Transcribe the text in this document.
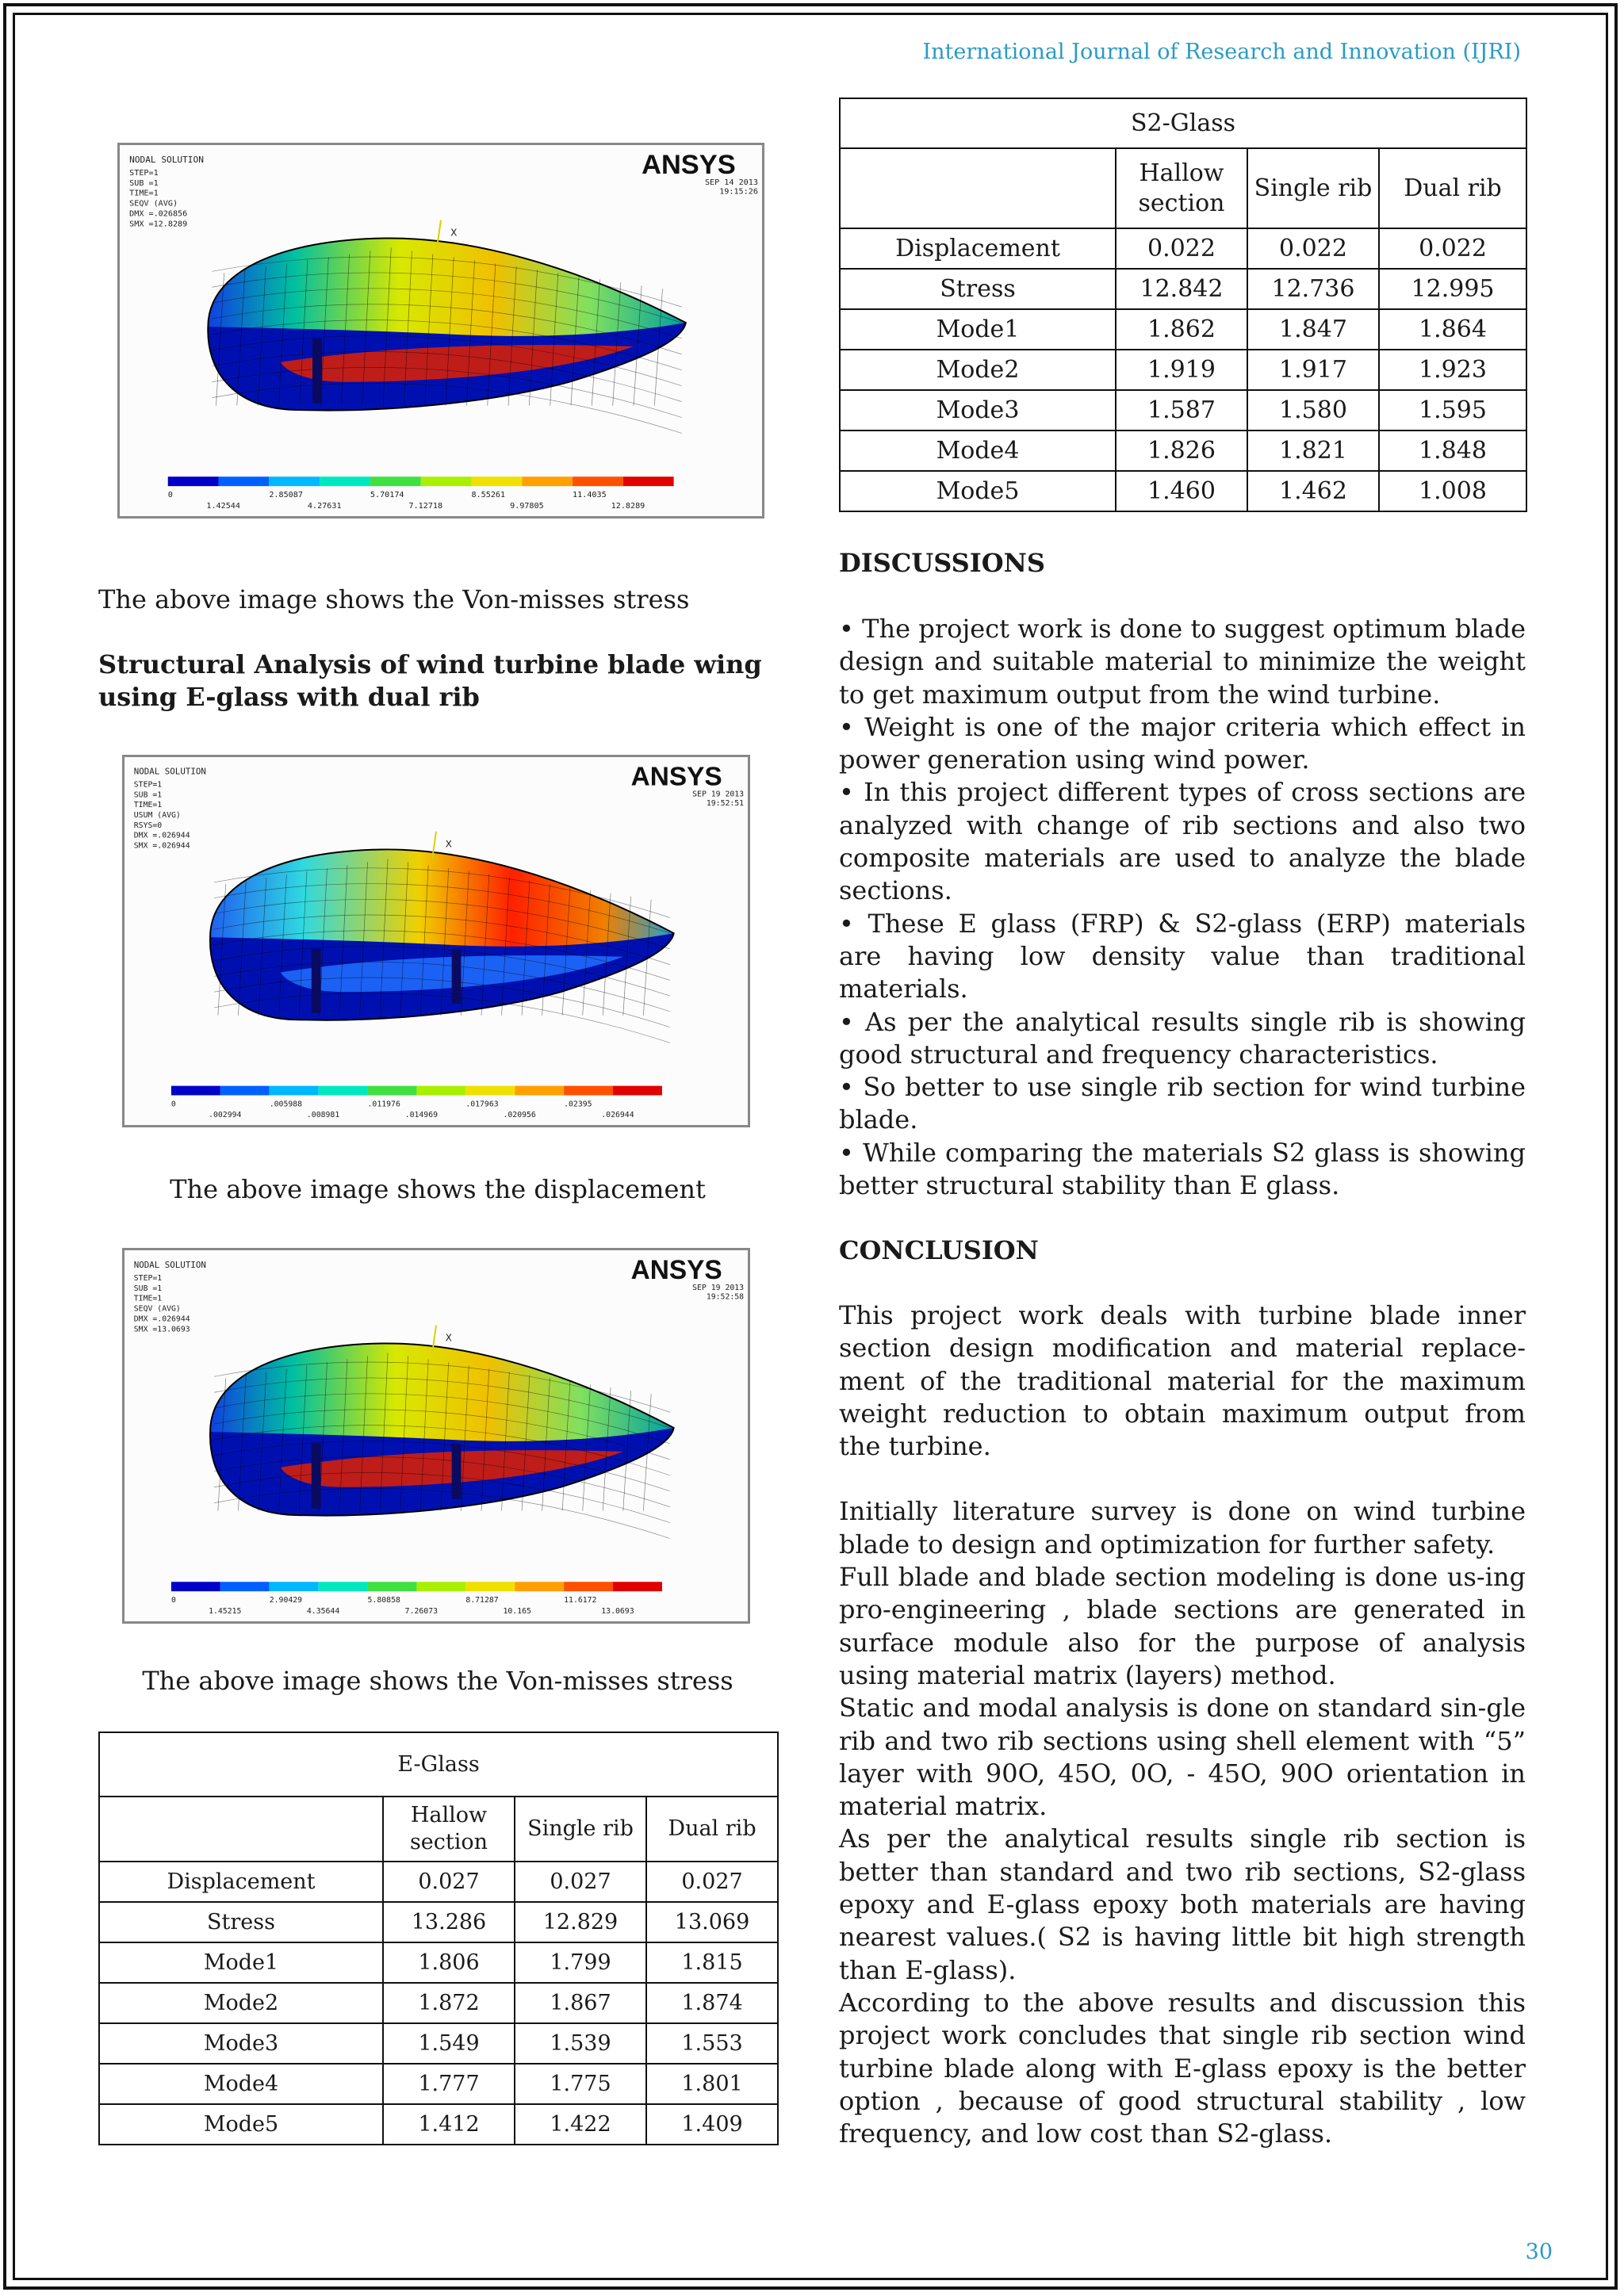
International Journal of Research and Innovation (IJRI)
NODAL SOLUTION
STEP=1
SUB =1
TIME=1
SEQV (AVG)
DMX =.026856
SMX =12.8289
ANSYS
SEP 14 2013
19:15:26
X
0	2.85087	5.70174	8.55261	11.4035
1.42544	4.27631	7.12718	9.97805	12.8289
The above image shows the Von-misses stress
Structural Analysis of wind turbine blade wing using E-glass with dual rib
NODAL SOLUTION
STEP=1
SUB =1
TIME=1
USUM (AVG)
RSYS=0
DMX =.026944
SMX =.026944
ANSYS
SEP 19 2013
19:52:51
X
0	.005988	.011976	.017963	.02395
.002994	.008981	.014969	.020956	.026944
The above image shows the displacement
NODAL SOLUTION
STEP=1
SUB =1
TIME=1
SEQV (AVG)
DMX =.026944
SMX =13.0693
ANSYS
SEP 19 2013
19:52:58
X
0	2.90429	5.80858	8.71287	11.6172
1.45215	4.35644	7.26073	10.165	13.0693
The above image shows the Von-misses stress
E-Glass			
	Hallow section	Single rib	Dual rib
Displacement	0.027	0.027	0.027
Stress	13.286	12.829	13.069
Mode1	1.806	1.799	1.815
Mode2	1.872	1.867	1.874
Mode3	1.549	1.539	1.553
Mode4	1.777	1.775	1.801
Mode5	1.412	1.422	1.409
S2-Glass			
	Hallow section	Single rib	Dual rib
Displacement	0.022	0.022	0.022
Stress	12.842	12.736	12.995
Mode1	1.862	1.847	1.864
Mode2	1.919	1.917	1.923
Mode3	1.587	1.580	1.595
Mode4	1.826	1.821	1.848
Mode5	1.460	1.462	1.008
DISCUSSIONS

• The project work is done to suggest optimum blade design and suitable material to minimize the weight to get maximum output from the wind turbine.

• Weight is one of the major criteria which effect in power generation using wind power.

• In this project different types of cross sections are analyzed with change of rib sections and also two composite materials are used to analyze the blade sections.

• These E glass (FRP) & S2-glass (ERP) materials are having low density value than traditional materials.

• As per the analytical results single rib is showing good structural and frequency characteristics.

• So better to use single rib section for wind turbine blade.

• While comparing the materials S2 glass is showing better structural stability than E glass.

CONCLUSION

This project work deals with turbine blade inner section design modification and material replace-ment of the traditional material for the maximum weight reduction to obtain maximum output from the turbine.

Initially literature survey is done on wind turbine blade to design and optimization for further safety.

Full blade and blade section modeling is done us-ing pro-engineering , blade sections are generated in surface module also for the purpose of analysis using material matrix (layers) method.

Static and modal analysis is done on standard sin-gle rib and two rib sections using shell element with “5” layer with 90O, 45O, 0O, - 45O, 90O orientation in material matrix.

As per the analytical results single rib section is better than standard and two rib sections, S2-glass epoxy and E-glass epoxy both materials are having nearest values.( S2 is having little bit high strength than E-glass).

According to the above results and discussion this project work concludes that single rib section wind turbine blade along with E-glass epoxy is the better option , because of good structural stability , low frequency, and low cost than S2-glass.

30
